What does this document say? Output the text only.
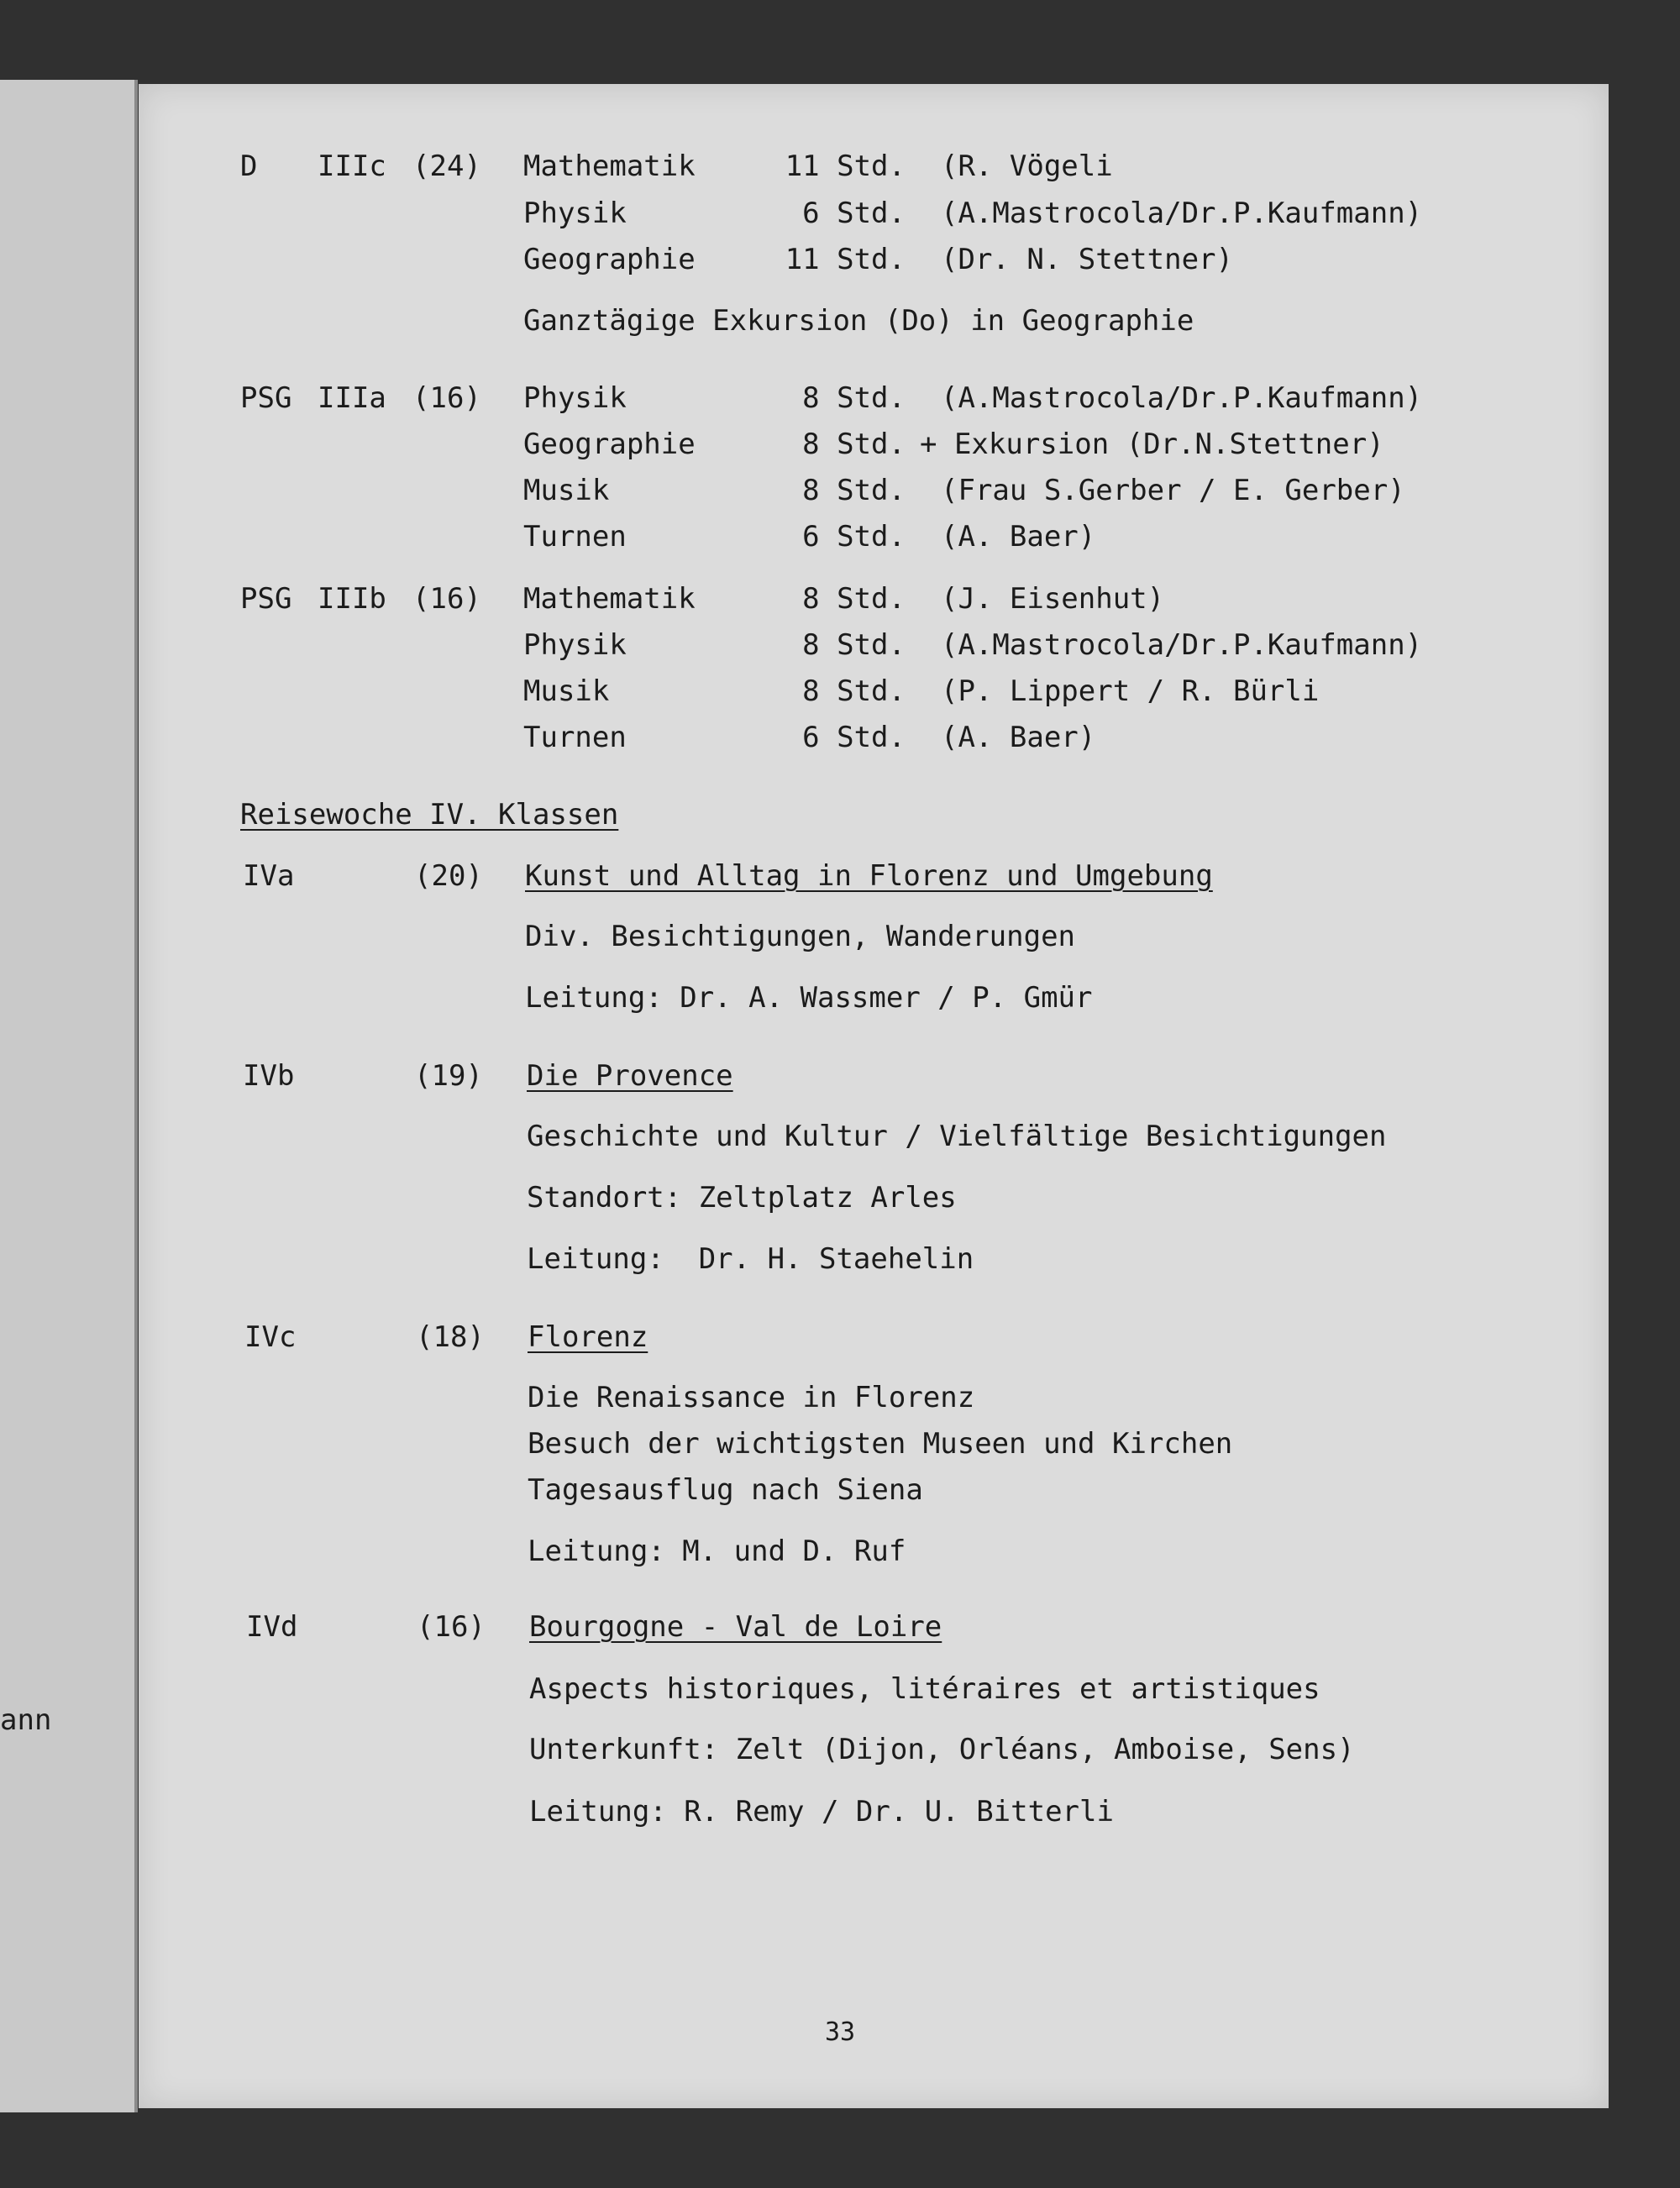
ann
D IIIc (24) Mathematik	11 Std. (R. Vögeli
Physik	6 Std. (A.Mastrocola/Dr.P.Kaufmann)
Geographie	11 Std. (Dr. N. Stettner)
Ganztägige Exkursion (Do) in Geographie
PSG IIIa (16) Physik	8 Std. (A.Mastrocola/Dr.P.Kaufmann)
Geographie	8 Std. + Exkursion (Dr.N.Stettner)
Musik	8 Std. (Frau S.Gerber / E. Gerber)
Turnen	6 Std. (A. Baer)
PSG IIIb (16) Mathematik	8 Std. (J. Eisenhut)
Physik	8 Std. (A.Mastrocola/Dr.P.Kaufmann)
Musik	8 Std. (P. Lippert / R. Bürli
Turnen	6 Std. (A. Baer)
Reisewoche IV. Klassen
IVa	(20) Kunst und Alltag in Florenz und Umgebung
Div. Besichtigungen, Wanderungen
Leitung: Dr. A. Wassmer / P. Gmür
IVb	(19) Die Provence
Geschichte und Kultur / Vielfältige Besichtigungen
Standort: Zeltplatz Arles
Leitung:  Dr. H. Staehelin
IVc	(18) Florenz
Die Renaissance in Florenz
Besuch der wichtigsten Museen und Kirchen
Tagesausflug nach Siena
Leitung: M. und D. Ruf
IVd	(16) Bourgogne - Val de Loire
Aspects historiques, litéraires et artistiques
Unterkunft: Zelt (Dijon, Orléans, Amboise, Sens)
Leitung: R. Remy / Dr. U. Bitterli
33
